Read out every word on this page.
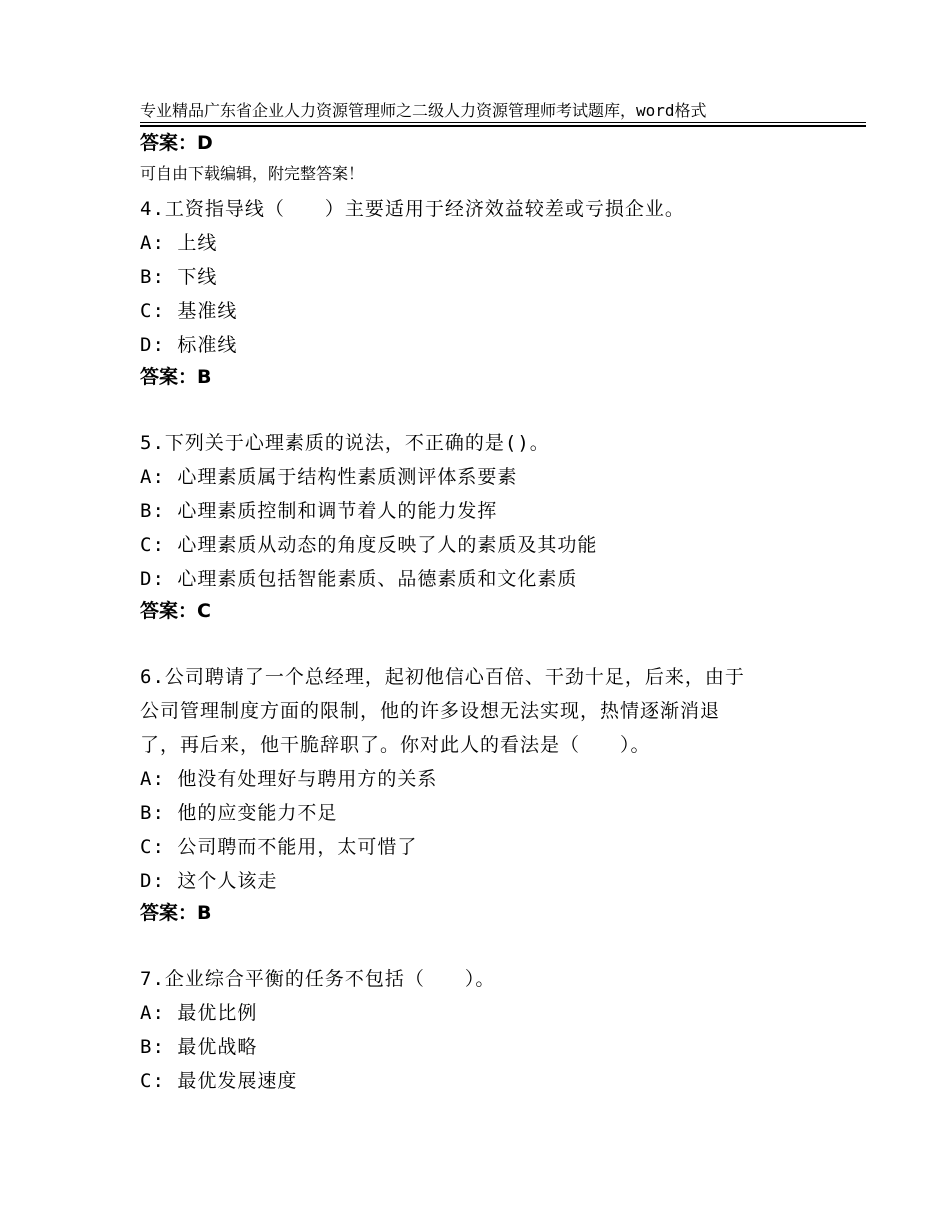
专业精品广东省企业人力资源管理师之二级人力资源管理师考试题库，word格式

可自由下载编辑，附完整答案！

答案：D

4.工资指导线（　　）主要适用于经济效益较差或亏损企业。

A: 上线

B: 下线

C: 基准线

D: 标准线

答案：B

5.下列关于心理素质的说法，不正确的是()。

A: 心理素质属于结构性素质测评体系要素

B: 心理素质控制和调节着人的能力发挥

C: 心理素质从动态的角度反映了人的素质及其功能

D: 心理素质包括智能素质、品德素质和文化素质

答案：C

6.公司聘请了一个总经理，起初他信心百倍、干劲十足，后来，由于

公司管理制度方面的限制，他的许多设想无法实现，热情逐渐消退

了，再后来，他干脆辞职了。你对此人的看法是（　　）。

A: 他没有处理好与聘用方的关系

B: 他的应变能力不足

C: 公司聘而不能用，太可惜了

D: 这个人该走

答案：B

7.企业综合平衡的任务不包括（　　）。

A: 最优比例

B: 最优战略

C: 最优发展速度
